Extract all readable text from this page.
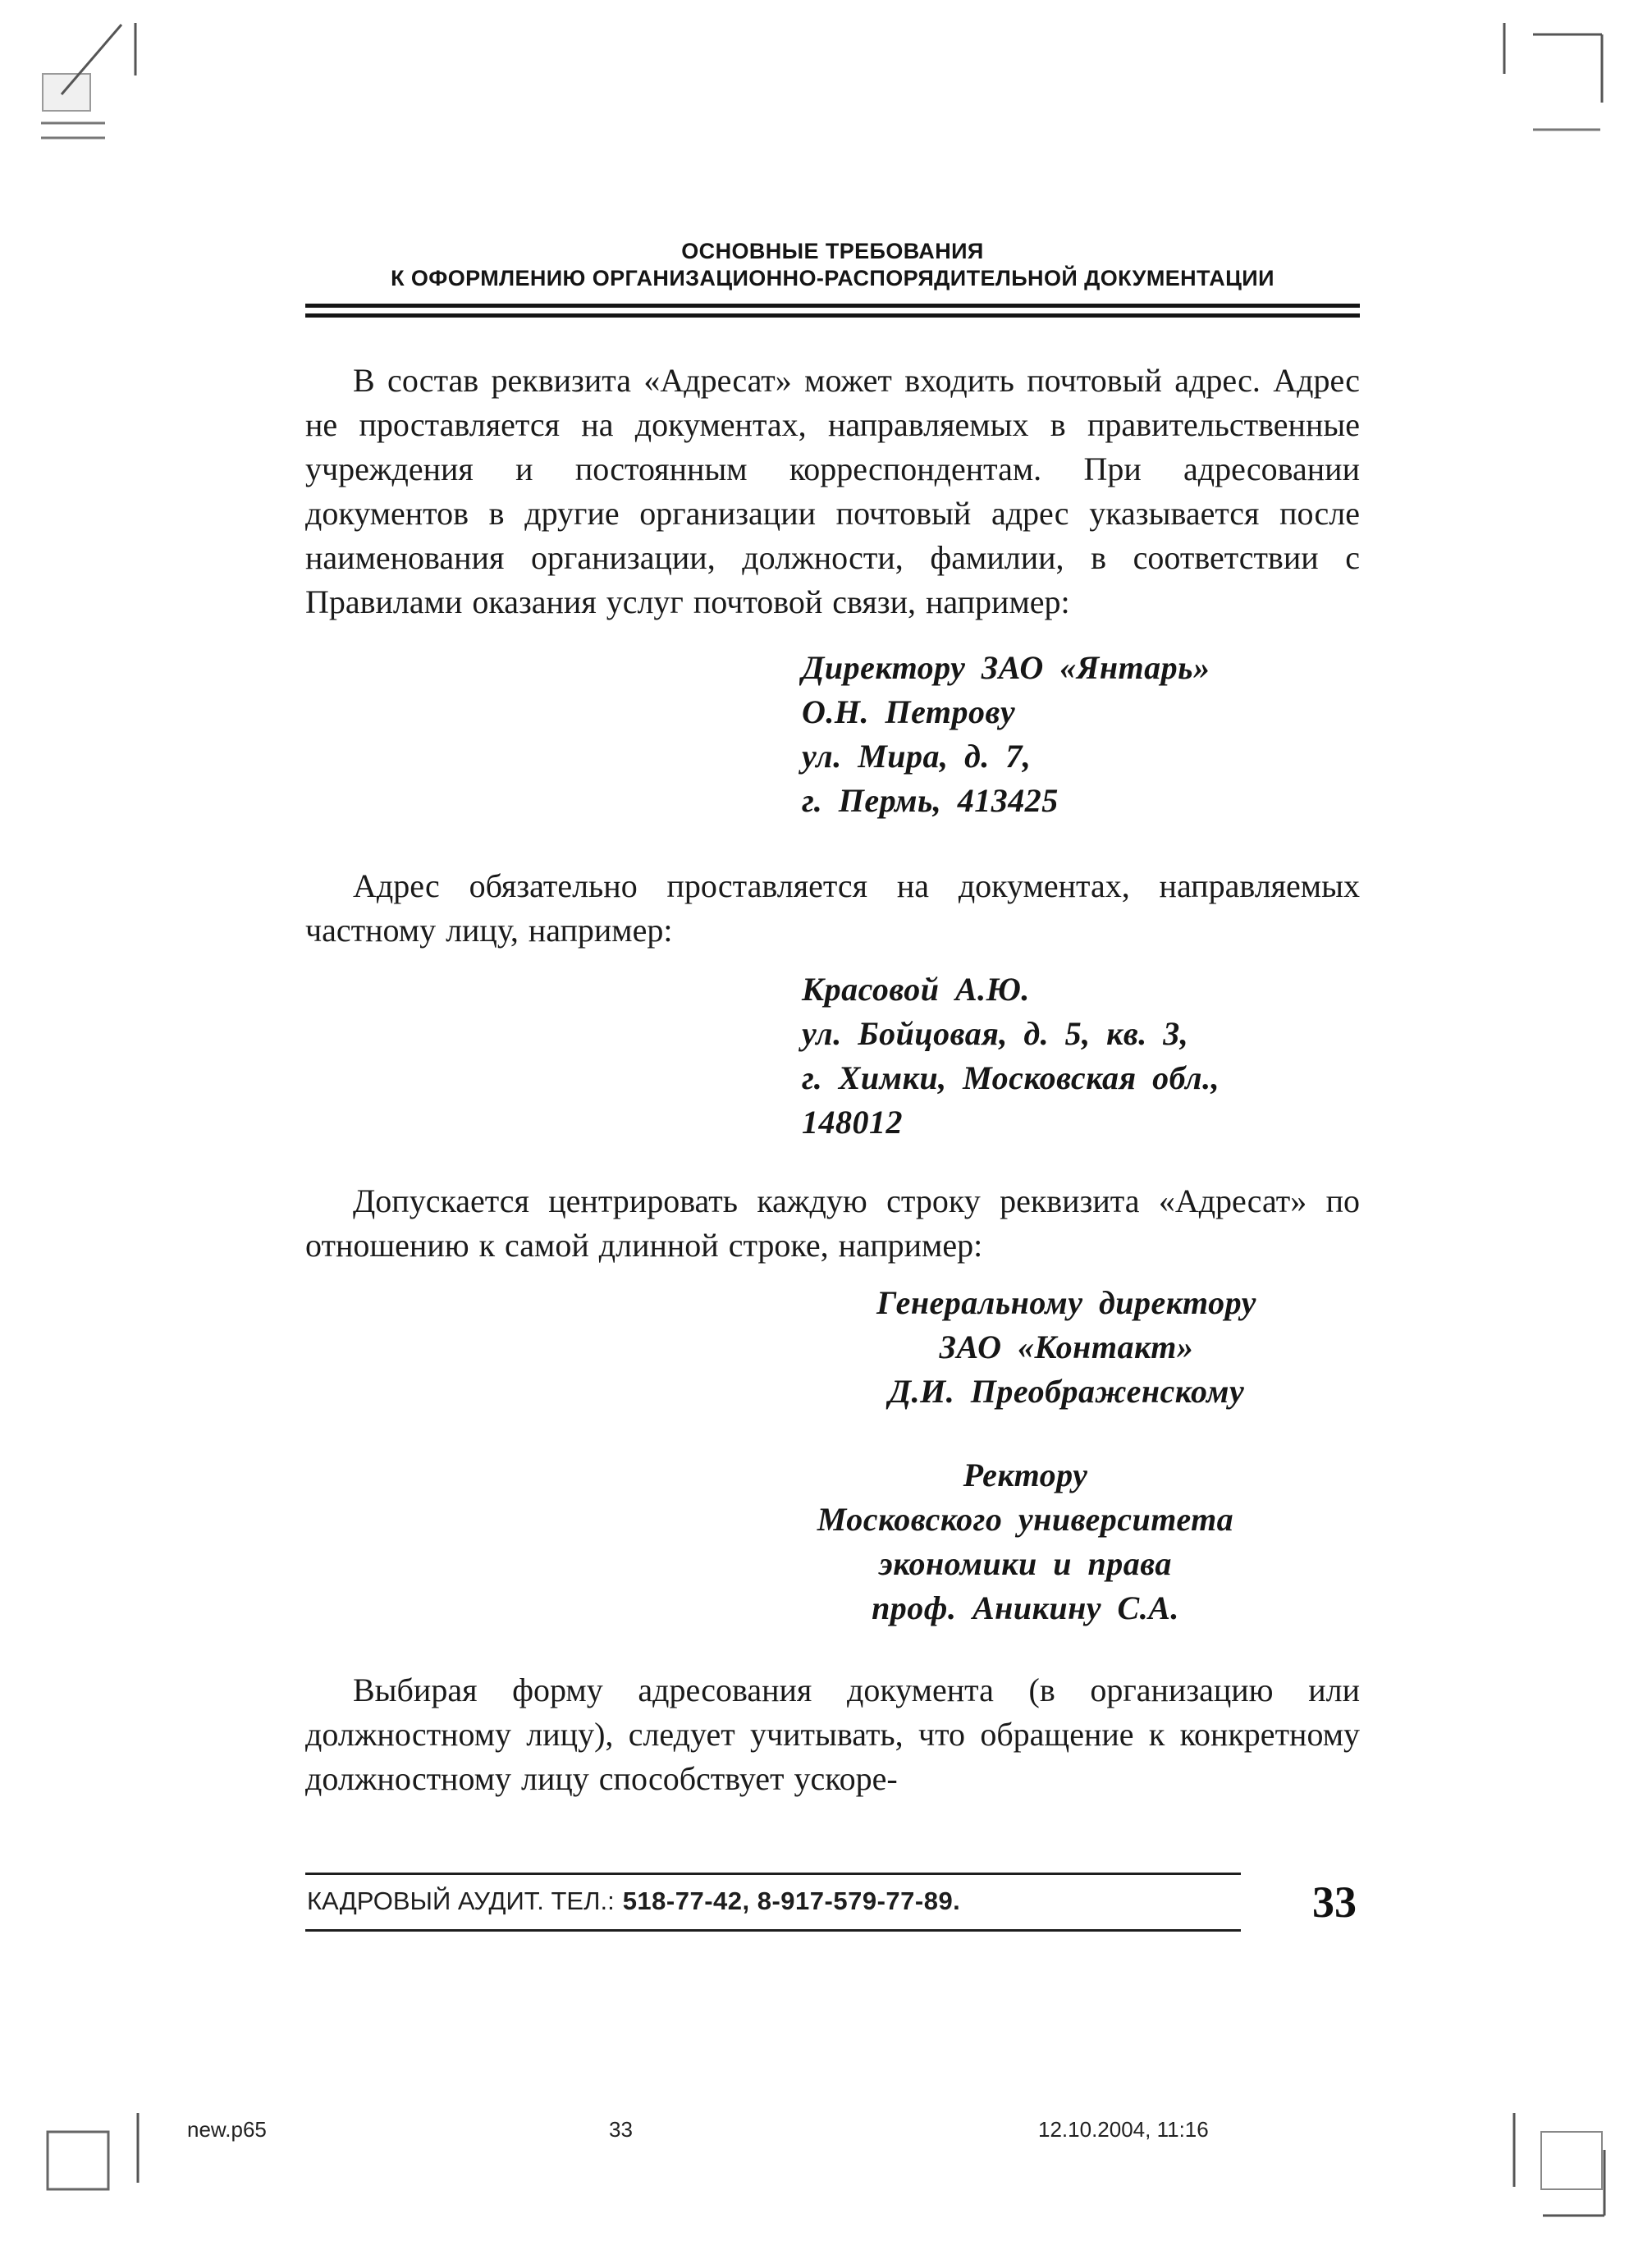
ОСНОВНЫЕ ТРЕБОВАНИЯ
К ОФОРМЛЕНИЮ ОРГАНИЗАЦИОННО-РАСПОРЯДИТЕЛЬНОЙ ДОКУМЕНТАЦИИ

В состав реквизита «Адресат» может входить почтовый адрес. Адрес не проставляется на документах, направляемых в правительственные учреждения и постоянным корреспондентам. При адресовании документов в другие организации почтовый адрес указывается после наименования организации, должности, фамилии, в соответствии с Правилами оказания услуг почтовой связи, например:

Директору ЗАО «Янтарь»
О.Н. Петрову
ул. Мира, д. 7,
г. Пермь, 413425

Адрес обязательно проставляется на документах, направляемых частному лицу, например:

Красовой А.Ю.
ул. Бойцовая, д. 5, кв. 3,
г. Химки, Московская обл.,
148012

Допускается центрировать каждую строку реквизита «Адресат» по отношению к самой длинной строке, например:

Генеральному директору
ЗАО «Контакт»
Д.И. Преображенскому
Ректору
Московского университета
экономики и права
проф. Аникину С.А.

Выбирая форму адресования документа (в организацию или должностному лицу), следует учитывать, что обращение к конкретному должностному лицу способствует ускоре-

КАДРОВЫЙ АУДИТ. ТЕЛ.: 518-77-42, 8-917-579-77-89.	33
new.p65	33	12.10.2004, 11:16
